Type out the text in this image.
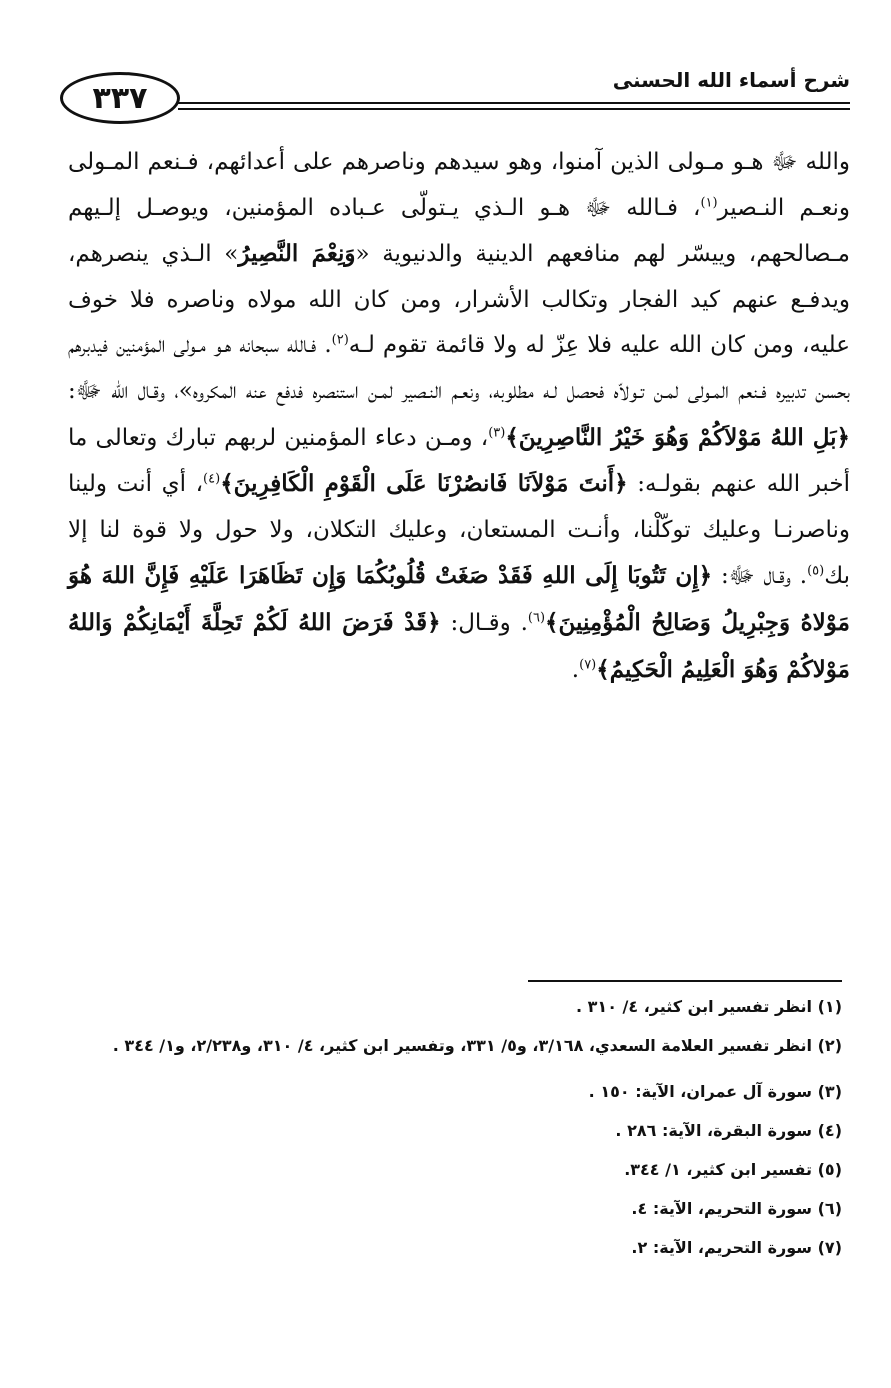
٣٣٧
شرح أسماء الله الحسنى
والله ﷻ هـو مـولى الذين آمنوا، وهو سيدهم وناصرهم على أعدائهم، فـنعم المـولى ونعـم النـصير$^{(١)}$، فـالله ﷻ هـو الـذي يـتولّى عـباده المؤمنين، ويوصـل إلـيهم مـصالحهم، وييسّر لهم منافعهم الدينية والدنيوية «وَنِعْمَ النَّصِيرُ» الـذي ينصرهم، ويدفـع عنهم كيد الفجار وتكالب الأشرار، ومن كان الله مولاه وناصره فلا خوف عليه، ومن كان الله عليه فلا عِزّ له ولا قائمة تقوم لـه$^{(٢)}$. فـالله سبحانه هـو مـولى المؤمنين فيدبرهم بحسن تدبيره فـنعم المـولى لمـن تـولاّه فحصل لـه مطلوبه، ونعـم النـصير لمـن استنصره فدفع عنه المكروه»، وقـال الله ﷻ: ﴿بَلِ اللهُ مَوْلاَكُمْ وَهُوَ خَيْرُ النَّاصِرِينَ﴾$^{(٣)}$، ومـن دعاء المؤمنين لربهم تبارك وتعالى ما أخبر الله عنهم بقولـه: ﴿أَنتَ مَوْلاَنَا فَانصُرْنَا عَلَى الْقَوْمِ الْكَافِرِينَ﴾$^{(٤)}$، أي أنت ولينا وناصرنـا وعليك توكّلْنا، وأنـت المستعان، وعليك التكلان، ولا حول ولا قوة لنا إلا بك$^{(٥)}$. وقـال ﷻ: ﴿إِن تَتُوبَا إِلَى اللهِ فَقَدْ صَغَتْ قُلُوبُكُمَا وَإِن تَظَاهَرَا عَلَيْهِ فَإِنَّ اللهَ هُوَ مَوْلاهُ وَجِبْرِيلُ وَصَالِحُ الْمُؤْمِنِينَ﴾$^{(٦)}$. وقـال: ﴿قَدْ فَرَضَ اللهُ لَكُمْ تَحِلَّةَ أَيْمَانِكُمْ وَاللهُ مَوْلاكُمْ وَهُوَ الْعَلِيمُ الْحَكِيمُ﴾$^{(٧)}$.
(١) انظر تفسير ابن كثير، ٤/ ٣١٠ .
(٢) انظر تفسير العلامة السعدي، ٣/١٦٨، و٥/ ٣٣١، وتفسير ابن كثير، ٤/ ٣١٠، و٢/٢٣٨، و١/ ٣٤٤ .
(٣) سورة آل عمران، الآية: ١٥٠ .
(٤) سورة البقرة، الآية: ٢٨٦ .
(٥) تفسير ابن كثير، ١/ ٣٤٤.
(٦) سورة التحريم، الآية: ٤.
(٧) سورة التحريم، الآية: ٢.
